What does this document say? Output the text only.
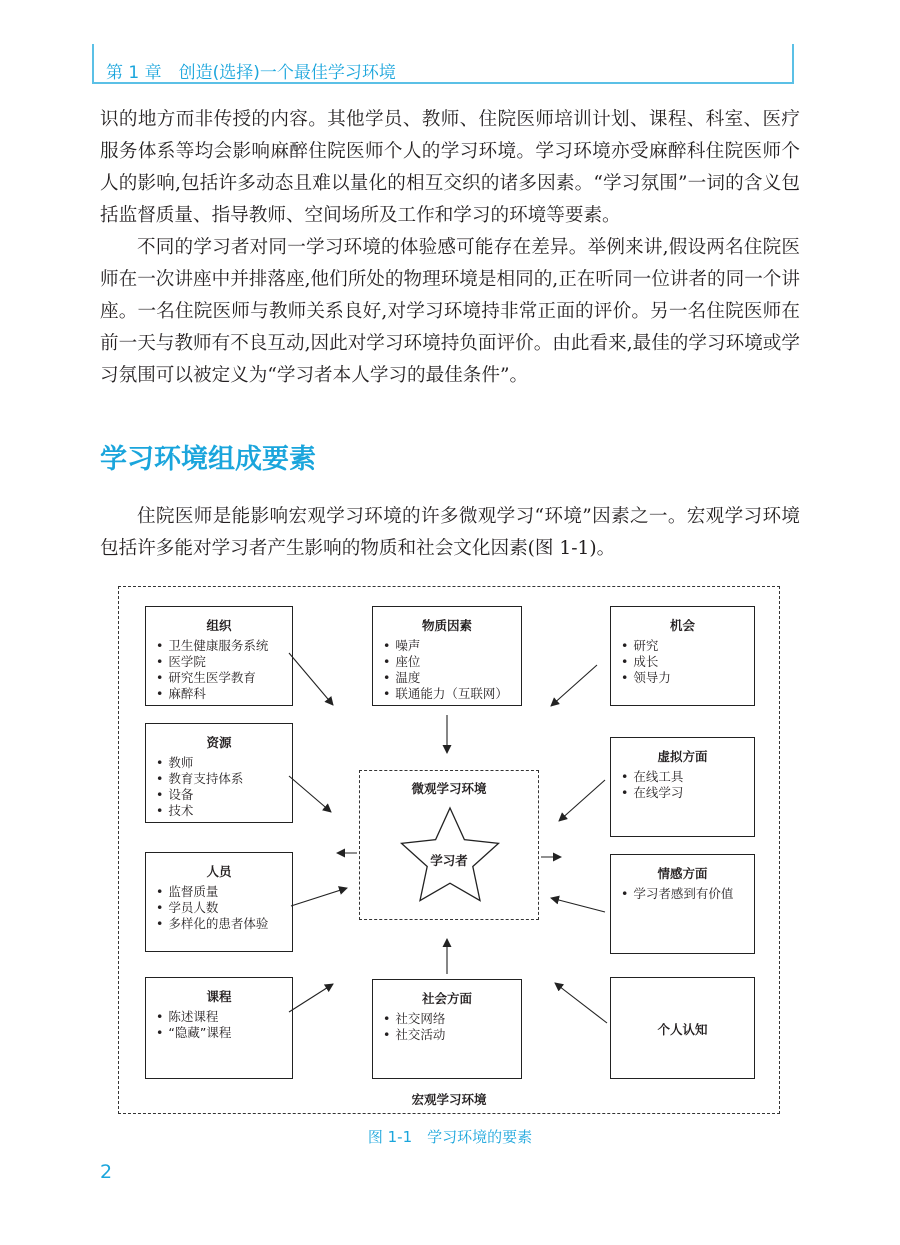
第 1 章　创造(选择)一个最佳学习环境

识的地方而非传授的内容。其他学员、教师、住院医师培训计划、课程、科室、医疗服务体系等均会影响麻醉住院医师个人的学习环境。学习环境亦受麻醉科住院医师个人的影响,包括许多动态且难以量化的相互交织的诸多因素。“学习氛围”一词的含义包括监督质量、指导教师、空间场所及工作和学习的环境等要素。

不同的学习者对同一学习环境的体验感可能存在差异。举例来讲,假设两名住院医师在一次讲座中并排落座,他们所处的物理环境是相同的,正在听同一位讲者的同一个讲座。一名住院医师与教师关系良好,对学习环境持非常正面的评价。另一名住院医师在前一天与教师有不良互动,因此对学习环境持负面评价。由此看来,最佳的学习环境或学习氛围可以被定义为“学习者本人学习的最佳条件”。

学习环境组成要素

住院医师是能影响宏观学习环境的许多微观学习“环境”因素之一。宏观学习环境包括许多能对学习者产生影响的物质和社会文化因素(图 1-1)。

组织
• 卫生健康服务系统
• 医学院
• 研究生医学教育
• 麻醉科
物质因素
• 噪声
• 座位
• 温度
• 联通能力（互联网）
机会
• 研究
• 成长
• 领导力
资源
• 教师
• 教育支持体系
• 设备
• 技术
虚拟方面
• 在线工具
• 在线学习
人员
• 监督质量
• 学员人数
• 多样化的患者体验
情感方面
• 学习者感到有价值
课程
• 陈述课程
• “隐藏”课程
社会方面
• 社交网络
• 社交活动	个人认知
微观学习环境
学习者
宏观学习环境
图 1-1　学习环境的要素
2
